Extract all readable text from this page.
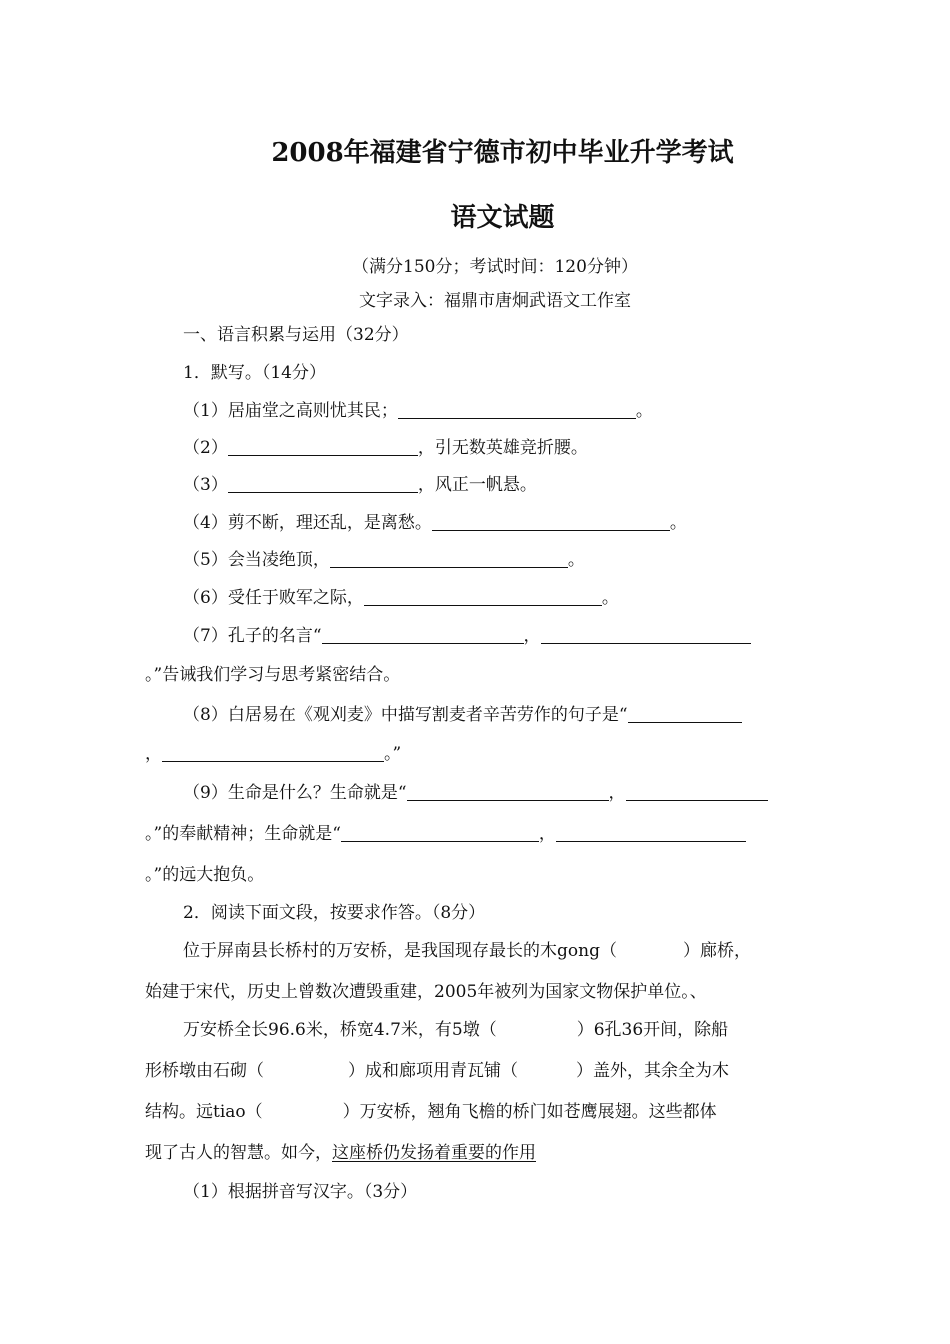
2008年福建省宁德市初中毕业升学考试
语文试题
（满分150分；考试时间：120分钟）
文字录入：福鼎市唐炯武语文工作室
一、语言积累与运用（32分）
1．默写。（14分）
（1）居庙堂之高则忧其民；	。
（2）	，引无数英雄竞折腰。
（3）	，风正一帆悬。
（4）剪不断，理还乱，是离愁。	。
（5）会当凌绝顶，	。
（6）受任于败军之际，	。
（7）孔子的名言“	，
。”告诫我们学习与思考紧密结合。
（8）白居易在《观刈麦》中描写割麦者辛苦劳作的句子是“
，	。”
（9）生命是什么？生命就是“	，
。”的奉献精神；生命就是“	，
。”的远大抱负。
2．阅读下面文段，按要求作答。（8分）
位于屏南县长桥村的万安桥，是我国现存最长的木gong（	）廊桥，
始建于宋代，历史上曾数次遭毁重建，2005年被列为国家文物保护单位。、
万安桥全长96.6米，桥宽4.7米，有5墩（	）6孔36开间，除船
形桥墩由石砌（	）成和廊项用青瓦铺（	）盖外，其余全为木
结构。远tiao（	）万安桥，翘角飞檐的桥门如苍鹰展翅。这些都体
现了古人的智慧。如今，这座桥仍发扬着重要的作用
（1）根据拼音写汉字。（3分）
